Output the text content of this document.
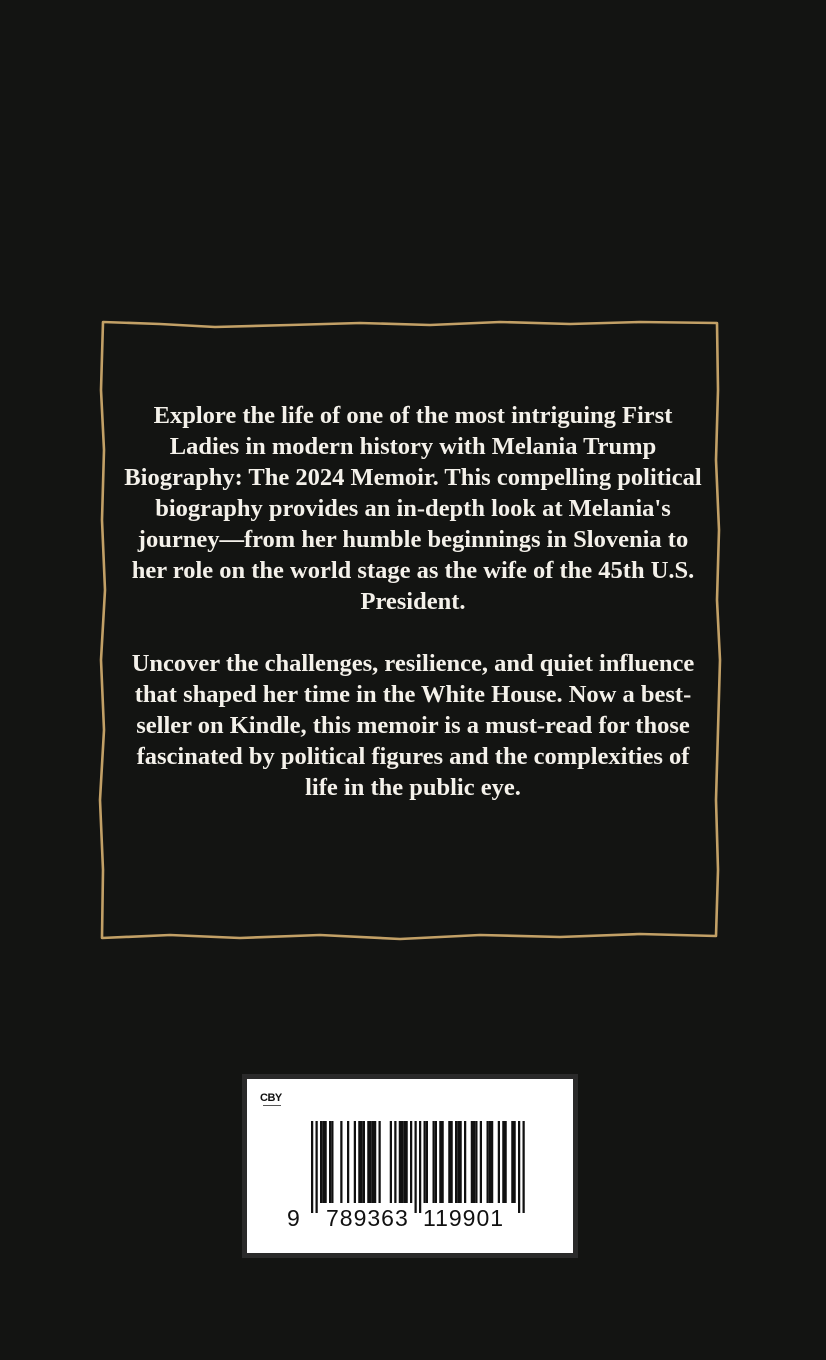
Explore the life of one of the most intriguing First Ladies in modern history with Melania Trump Biography: The 2024 Memoir. This compelling political biography provides an in-depth look at Melania's journey—from her humble beginnings in Slovenia to her role on the world stage as the wife of the 45th U.S. President.

Uncover the challenges, resilience, and quiet influence that shaped her time in the White House. Now a best-seller on Kindle, this memoir is a must-read for those fascinated by political figures and the complexities of life in the public eye.

CBY
9 789363 119901
